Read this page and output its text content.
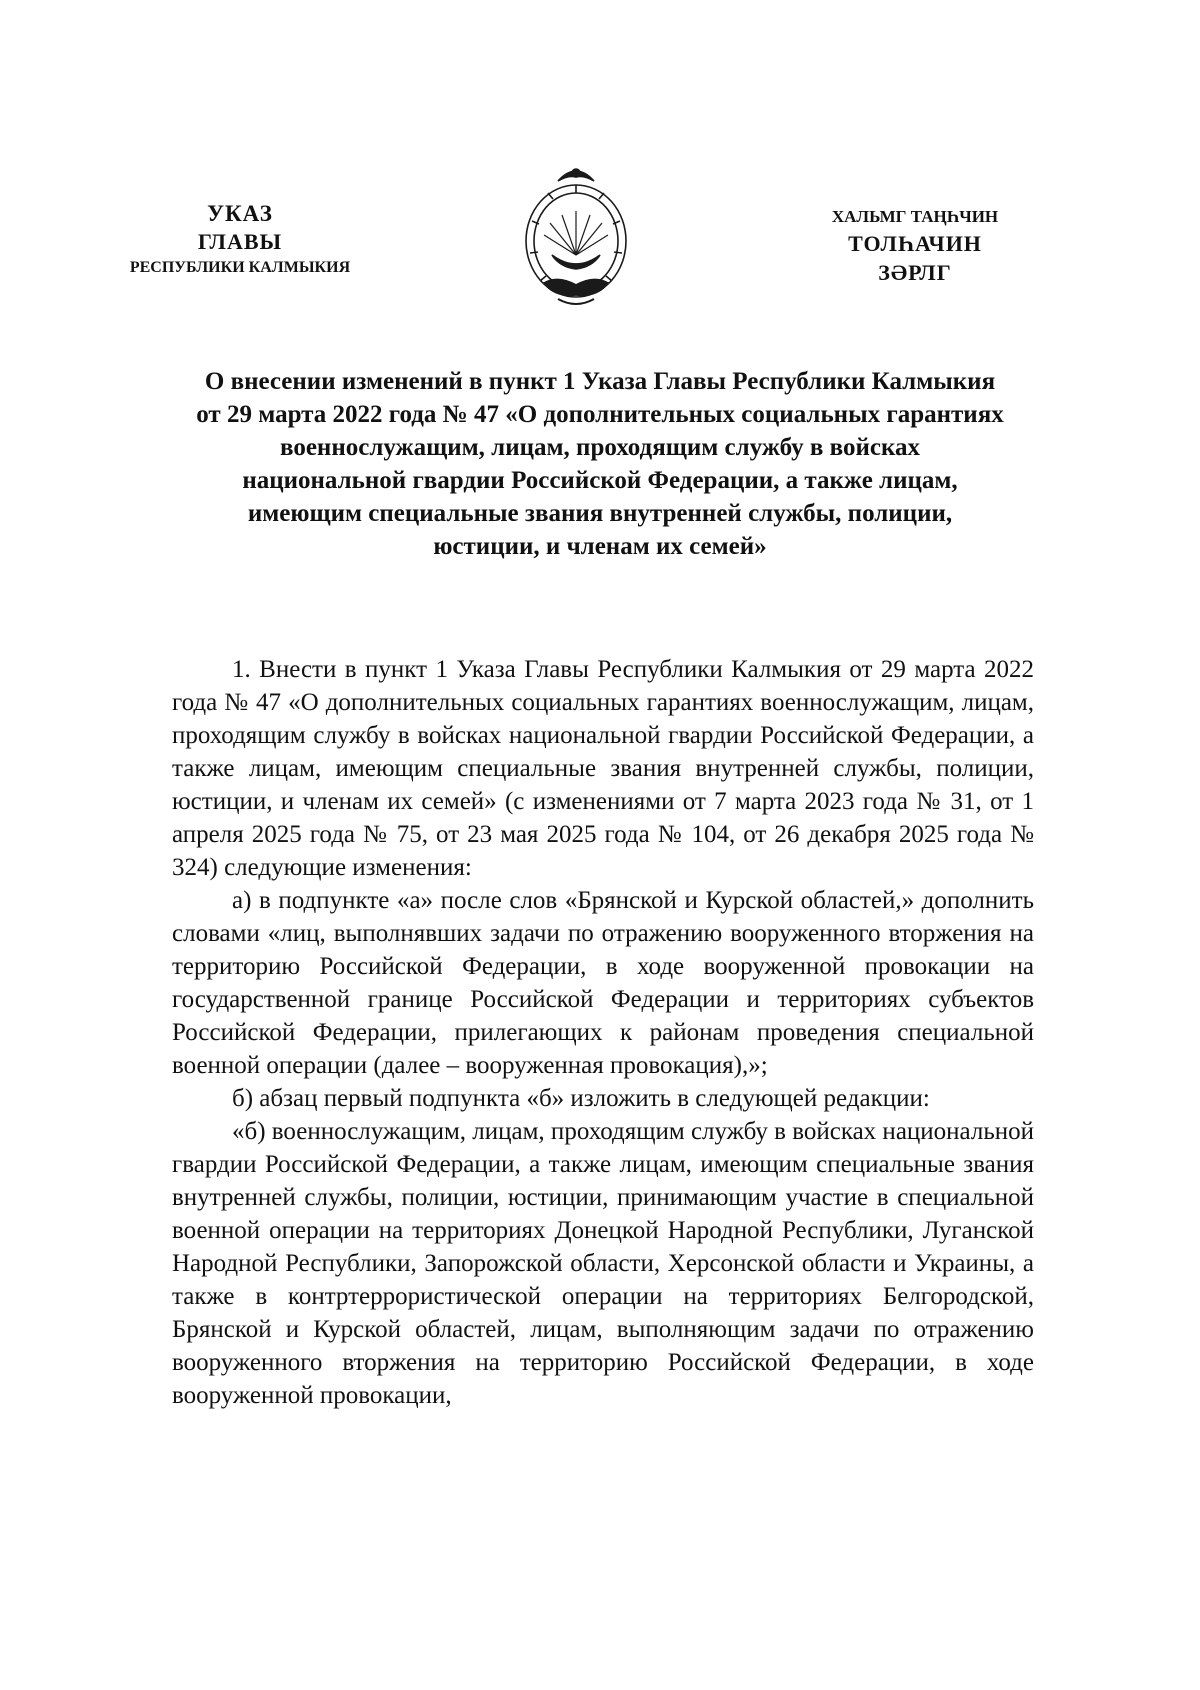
УКАЗ
ГЛАВЫ
РЕСПУБЛИКИ КАЛМЫКИЯ
ХАЛЬМГ ТАҢҺЧИН
ТОЛҺАЧИН
ЗӘРЛГ
О внесении изменений в пункт 1 Указа Главы Республики Калмыкия
от 29 марта 2022 года № 47 «О дополнительных социальных гарантиях
военнослужащим, лицам, проходящим службу в войсках
национальной гвардии Российской Федерации, а также лицам,
имеющим специальные звания внутренней службы, полиции,
юстиции, и членам их семей»

1. Внести в пункт 1 Указа Главы Республики Калмыкия от 29 марта 2022 года № 47 «О дополнительных социальных гарантиях военнослужащим, лицам, проходящим службу в войсках национальной гвардии Российской Федерации, а также лицам, имеющим специальные звания внутренней службы, полиции, юстиции, и членам их семей» (с изменениями от 7 марта 2023 года № 31, от 1 апреля 2025 года № 75, от 23 мая 2025 года № 104, от 26 декабря 2025 года № 324) следующие изменения:

а) в подпункте «а» после слов «Брянской и Курской областей,» дополнить словами «лиц, выполнявших задачи по отражению вооруженного вторжения на территорию Российской Федерации, в ходе вооруженной провокации на государственной границе Российской Федерации и территориях субъектов Российской Федерации, прилегающих к районам проведения специальной военной операции (далее – вооруженная провокация),»;

б) абзац первый подпункта «б» изложить в следующей редакции:

«б) военнослужащим, лицам, проходящим службу в войсках национальной гвардии Российской Федерации, а также лицам, имеющим специальные звания внутренней службы, полиции, юстиции, принимающим участие в специальной военной операции на территориях Донецкой Народной Республики, Луганской Народной Республики, Запорожской области, Херсонской области и Украины, а также в контртеррористической операции на территориях Белгородской, Брянской и Курской областей, лицам, выполняющим задачи по отражению вооруженного вторжения на территорию Российской Федерации, в ходе вооруженной провокации,
